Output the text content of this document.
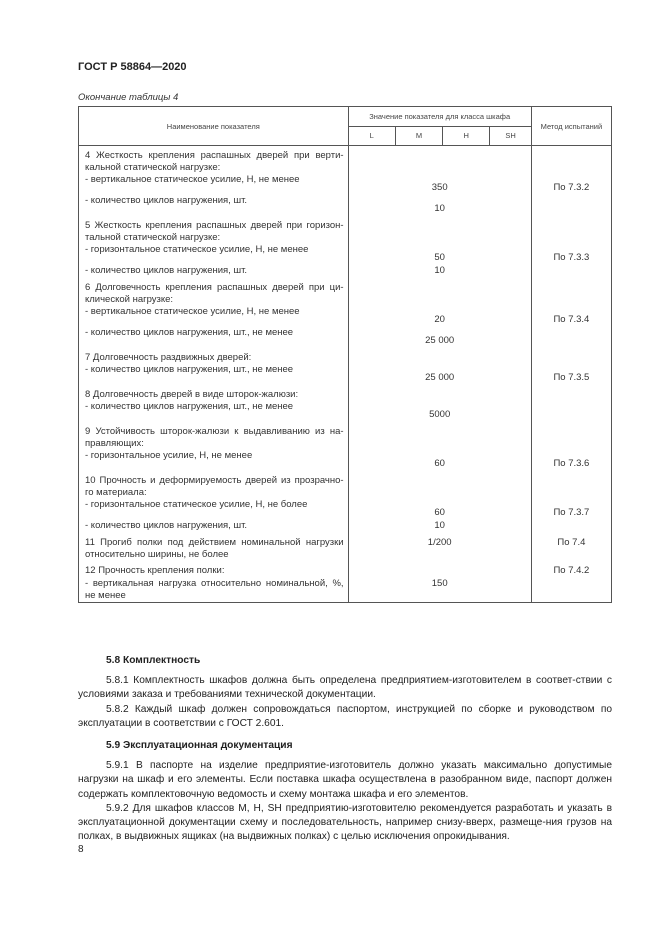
ГОСТ Р 58864—2020
Окончание таблицы 4
Наименование показателя	Значение показателя для класса шкафа				Метод испытаний
	L	M	H	SH	
4 Жесткость крепления распашных дверей при верти-кальной статической нагрузке:					
- вертикальное статическое усилие, Н, не менее	350				По 7.3.2
- количество циклов нагружения, шт.	10				
5 Жесткость крепления распашных дверей при горизон-тальной статической нагрузке:					
- горизонтальное статическое усилие, Н, не менее	50				По 7.3.3
- количество циклов нагружения, шт.	10				
6 Долговечность крепления распашных дверей при ци-клической нагрузке:					
- вертикальное статическое усилие, Н, не менее	20				По 7.3.4
- количество циклов нагружения, шт., не менее	25 000				
7 Долговечность раздвижных дверей:					
- количество циклов нагружения, шт., не менее	25 000				По 7.3.5
8 Долговечность дверей в виде шторок-жалюзи:					
- количество циклов нагружения, шт., не менее	5000				
9 Устойчивость шторок-жалюзи к выдавливанию из на-правляющих:					
- горизонтальное усилие, Н, не менее	60				По 7.3.6
10 Прочность и деформируемость дверей из прозрачно-го материала:					
- горизонтальное статическое усилие, Н, не более	60				По 7.3.7
- количество циклов нагружения, шт.	10				
11 Прогиб полки под действием номинальной нагрузки относительно ширины, не более	1/200				По 7.4
12 Прочность крепления полки:					По 7.4.2
- вертикальная нагрузка относительно номинальной, %, не менее	150				

5.8 Комплектность

5.8.1 Комплектность шкафов должна быть определена предприятием-изготовителем в соответ-ствии с условиями заказа и требованиями технической документации.

5.8.2 Каждый шкаф должен сопровождаться паспортом, инструкцией по сборке и руководством по эксплуатации в соответствии с ГОСТ 2.601.

5.9 Эксплуатационная документация

5.9.1 В паспорте на изделие предприятие-изготовитель должно указать максимально допустимые нагрузки на шкаф и его элементы. Если поставка шкафа осуществлена в разобранном виде, паспорт должен содержать комплектовочную ведомость и схему монтажа шкафа и его элементов.

5.9.2 Для шкафов классов М, Н, SH предприятию-изготовителю рекомендуется разработать и указать в эксплуатационной документации схему и последовательность, например снизу-вверх, размеще-ния грузов на полках, в выдвижных ящиках (на выдвижных полках) с целью исключения опрокидывания.

8
